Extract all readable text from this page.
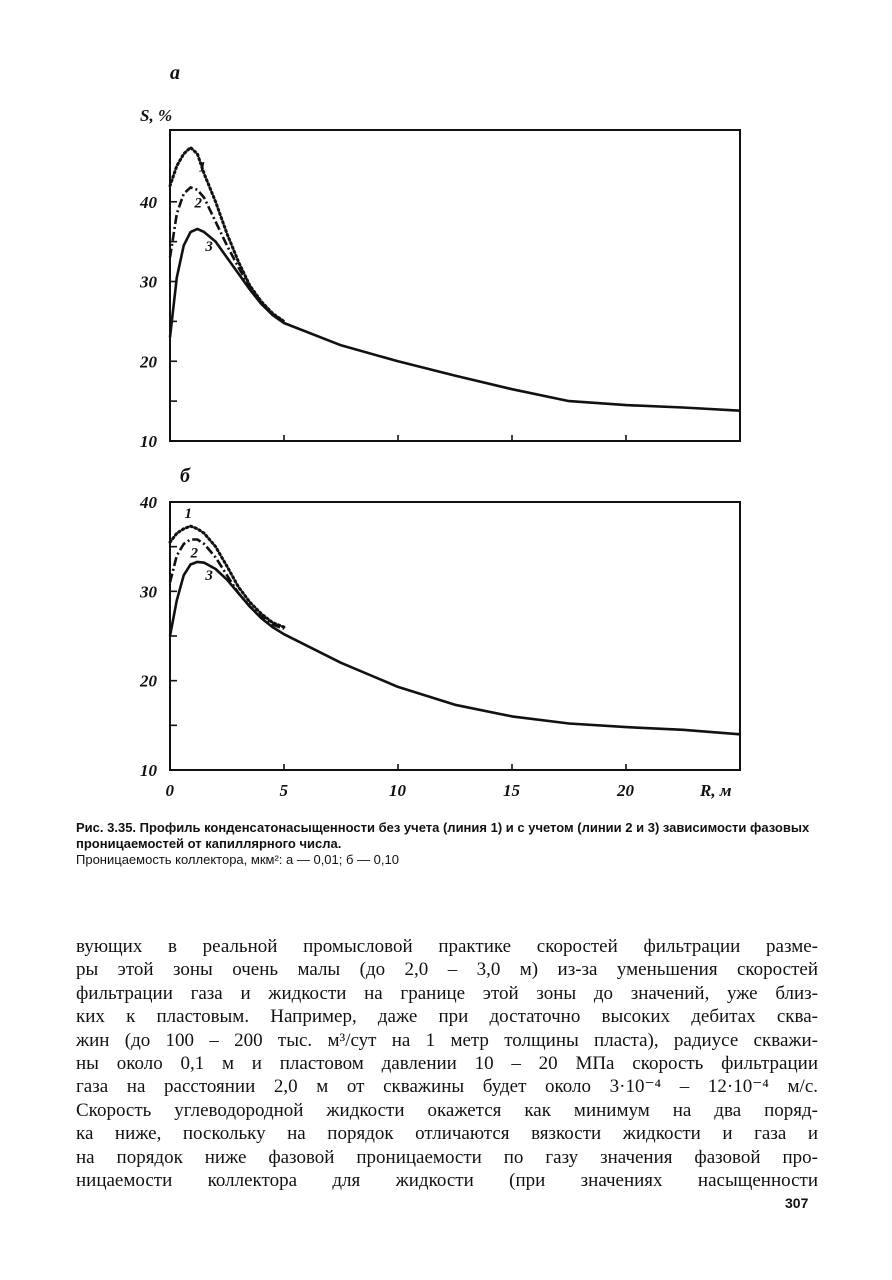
а
б
S, %
10
20
30
40
1
2
3
10
20
30
40
0	5	10	15	20
1
2
3
R, м
Рис. 3.35. Профиль конденсатонасыщенности без учета (линия 1) и с учетом (линии 2 и 3) зависимости фазовых проницаемостей от капиллярного числа.
Проницаемость коллектора, мкм²: а — 0,01; б — 0,10
вующих в реальной промысловой практике скоростей фильтрации разме-
ры этой зоны очень малы (до 2,0 – 3,0 м) из-за уменьшения скоростей
фильтрации газа и жидкости на границе этой зоны до значений, уже близ-
ких к пластовым. Например, даже при достаточно высоких дебитах сква-
жин (до 100 – 200 тыс. м³/сут на 1 метр толщины пласта), радиусе скважи-
ны около 0,1 м и пластовом давлении 10 – 20 МПа скорость фильтрации
газа на расстоянии 2,0 м от скважины будет около 3·10⁻⁴ – 12·10⁻⁴ м/с.
Скорость углеводородной жидкости окажется как минимум на два поряд-
ка ниже, поскольку на порядок отличаются вязкости жидкости и газа и
на порядок ниже фазовой проницаемости по газу значения фазовой про-
ницаемости коллектора для жидкости (при значениях насыщенности
307
